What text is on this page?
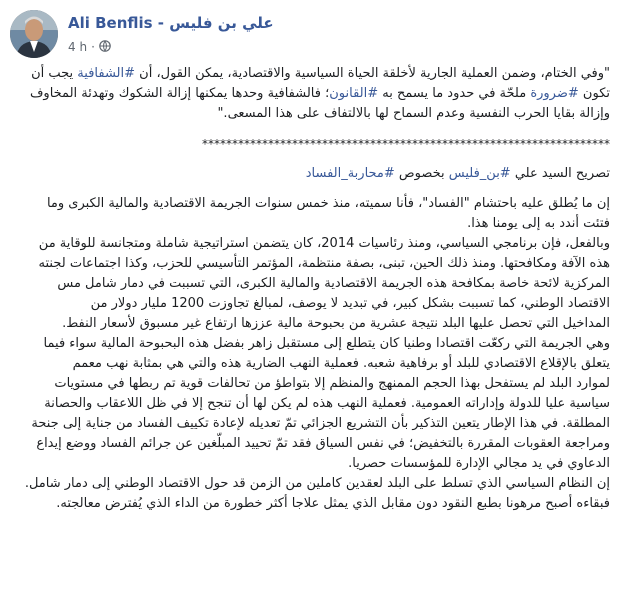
Ali Benflis - علي بن فليس
4 h ·

"وفي الختام، وضمن العملية الجارية لأخلقة الحياة السياسية والاقتصادية، يمكن القول، أن #الشفافية يجب أن

تكون #ضرورة ملحّة في حدود ما يسمح به #القانون؛ فالشفافية وحدها يمكنها إزالة الشكوك وتهدئة المخاوف

وإزالة بقايا الحرب النفسية وعدم السماح لها بالالتفاف على هذا المسعى."

********************************************************************

تصريح السيد علي #بن_فليس بخصوص #محاربة_الفساد

إن ما يُطلق عليه باحتشام "الفساد"، فأنا سميته، منذ خمس سنوات الجريمة الاقتصادية والمالية الكبرى وما

فتئت أندد به إلى يومنا هذا.

وبالفعل، فإن برنامجي السياسي، ومنذ رئاسيات 2014، كان يتضمن استراتيجية شاملة ومتجانسة للوقاية من

هذه الآفة ومكافحتها. ومنذ ذلك الحين، تبنى، بصفة منتظمة، المؤتمر التأسيسي للحزب، وكذا اجتماعات لجنته

المركزية لائحة خاصة بمكافحة هذه الجريمة الاقتصادية والمالية الكبرى، التي تسببت في دمار شامل مس

الاقتصاد الوطني، كما تسببت بشكل كبير، في تبديد لا يوصف، لمبالغ تجاوزت 1200 مليار دولار من

المداخيل التي تحصل عليها البلد نتيجة عشرية من بحبوحة مالية عززها ارتفاع غير مسبوق لأسعار النفط.

وهي الجريمة التي ركعّت اقتصادا وطنيا كان يتطلع إلى مستقبل زاهر بفضل هذه البحبوحة المالية سواء فيما

يتعلق بالإقلاع الاقتصادي للبلد أو برفاهية شعبه. فعملية النهب الضارية هذه والتي هي بمثابة نهب معمم

لموارد البلد لم يستفحل بهذا الحجم الممنهج والمنظم إلا بتواطؤ من تحالفات قوية تم ربطها في مستويات

سياسية عليا للدولة وإداراته العمومية. فعملية النهب هذه لم يكن لها أن تنجح إلا في ظل اللاعقاب والحصانة

المطلقة. في هذا الإطار يتعين التذكير بأن التشريع الجزائي تمّ تعديله لإعادة تكييف الفساد من جناية إلى جنحة

ومراجعة العقوبات المقررة بالتخفيض؛ في نفس السياق فقد تمّ تحييد المبلّغين عن جرائم الفساد ووضع إيداع

الدعاوي في يد مجالي الإدارة للمؤسسات حصريا.

إن النظام السياسي الذي تسلط على البلد لعقدين كاملين من الزمن قد حول الاقتصاد الوطني إلى دمار شامل.

فبقاءه أصبح مرهونا بطبع النقود دون مقابل الذي يمثل علاجا أكثر خطورة من الداء الذي يُفترض معالجته.
